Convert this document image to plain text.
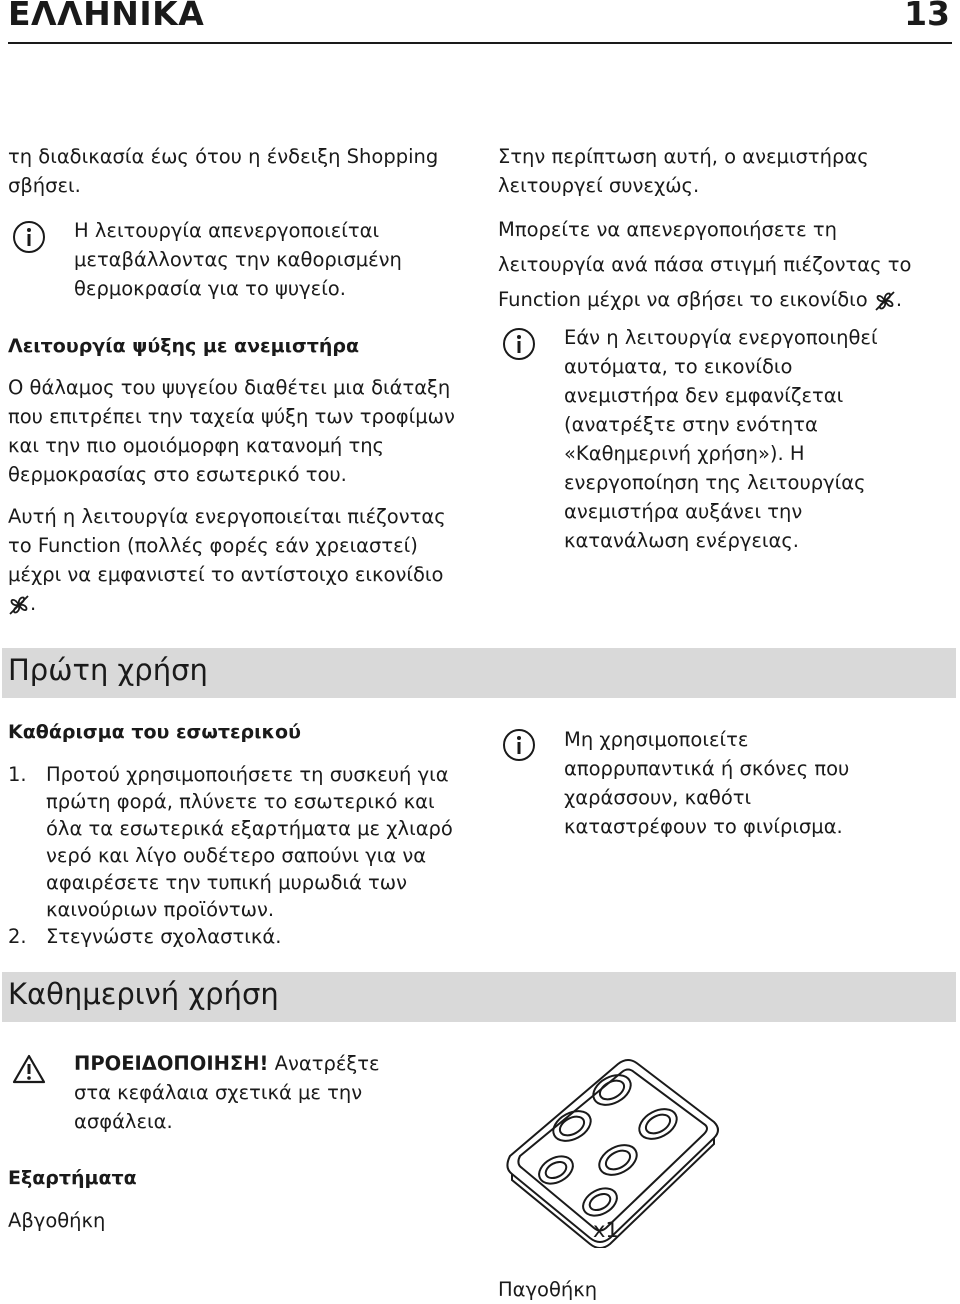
ΕΛΛΗΝΙΚΑ	13
τη διαδικασία έως ότου η ένδειξη Shopping σβήσει.
Η λειτουργία απενεργοποιείται μεταβάλλοντας την καθορισμένη θερμοκρασία για το ψυγείο.
Λειτουργία ψύξης με ανεμιστήρα
Ο θάλαμος του ψυγείου διαθέτει μια διάταξη που επιτρέπει την ταχεία ψύξη των τροφίμων και την πιο ομοιόμορφη κατανομή της θερμοκρασίας στο εσωτερικό του.
Αυτή η λειτουργία ενεργοποιείται πιέζοντας το Function (πολλές φορές εάν χρειαστεί) μέχρι να εμφανιστεί το αντίστοιχο εικονίδιο .
Στην περίπτωση αυτή, ο ανεμιστήρας λειτουργεί συνεχώς.
Μπορείτε να απενεργοποιήσετε τη λειτουργία ανά πάσα στιγμή πιέζοντας το Function μέχρι να σβήσει το εικονίδιο .
Εάν η λειτουργία ενεργοποιηθεί αυτόματα, το εικονίδιο ανεμιστήρα δεν εμφανίζεται (ανατρέξτε στην ενότητα «Καθημερινή χρήση»). Η ενεργοποίηση της λειτουργίας ανεμιστήρα αυξάνει την κατανάλωση ενέργειας.
Πρώτη χρήση
Καθάρισμα του εσωτερικού
1. Προτού χρησιμοποιήσετε τη συσκευή για πρώτη φορά, πλύνετε το εσωτερικό και όλα τα εσωτερικά εξαρτήματα με χλιαρό νερό και λίγο ουδέτερο σαπούνι για να αφαιρέσετε την τυπική μυρωδιά των καινούριων προϊόντων.
2. Στεγνώστε σχολαστικά.
Μη χρησιμοποιείτε απορρυπαντικά ή σκόνες που χαράσσουν, καθότι καταστρέφουν το φινίρισμα.
Καθημερινή χρήση
ΠΡΟΕΙΔΟΠΟΙΗΣΗ! Ανατρέξτε στα κεφάλαια σχετικά με την ασφάλεια.
Εξαρτήματα
Αβγοθήκη	x1
Παγοθήκη
